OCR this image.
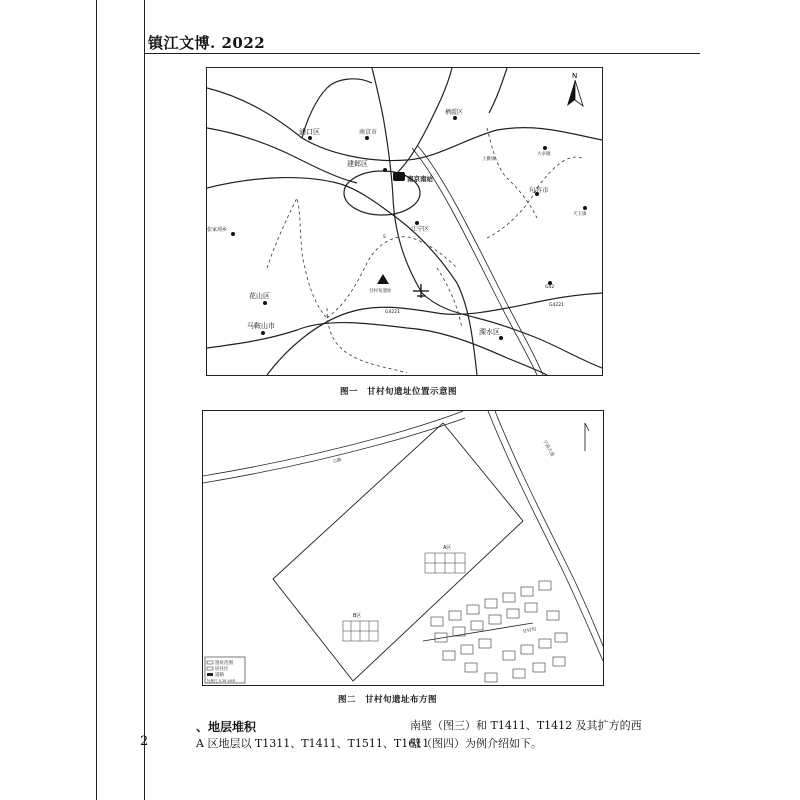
镇江文博. 2022
2
N
浦口区	南京市
栖霞区
建邺区
南京南站
江宁区
句容市
上雅镇
大卓镇
天王镇
张家坝乡
花山区
马鞍山市
甘村旬遗址
溧水区
G42
G4221
G4221
S
图一　甘村旬遗址位置示意图
遗址范围
居住区
道路
比例尺 0 20 40米
A区
B区
甘村旬
宁高大道
公路
图二　甘村旬遗址布方图
、地层堆积
A 区地层以 T1311、T1411、T1511、T1611
南壁（图三）和 T1411、T1412 及其扩方的西
壁（图四）为例介绍如下。
